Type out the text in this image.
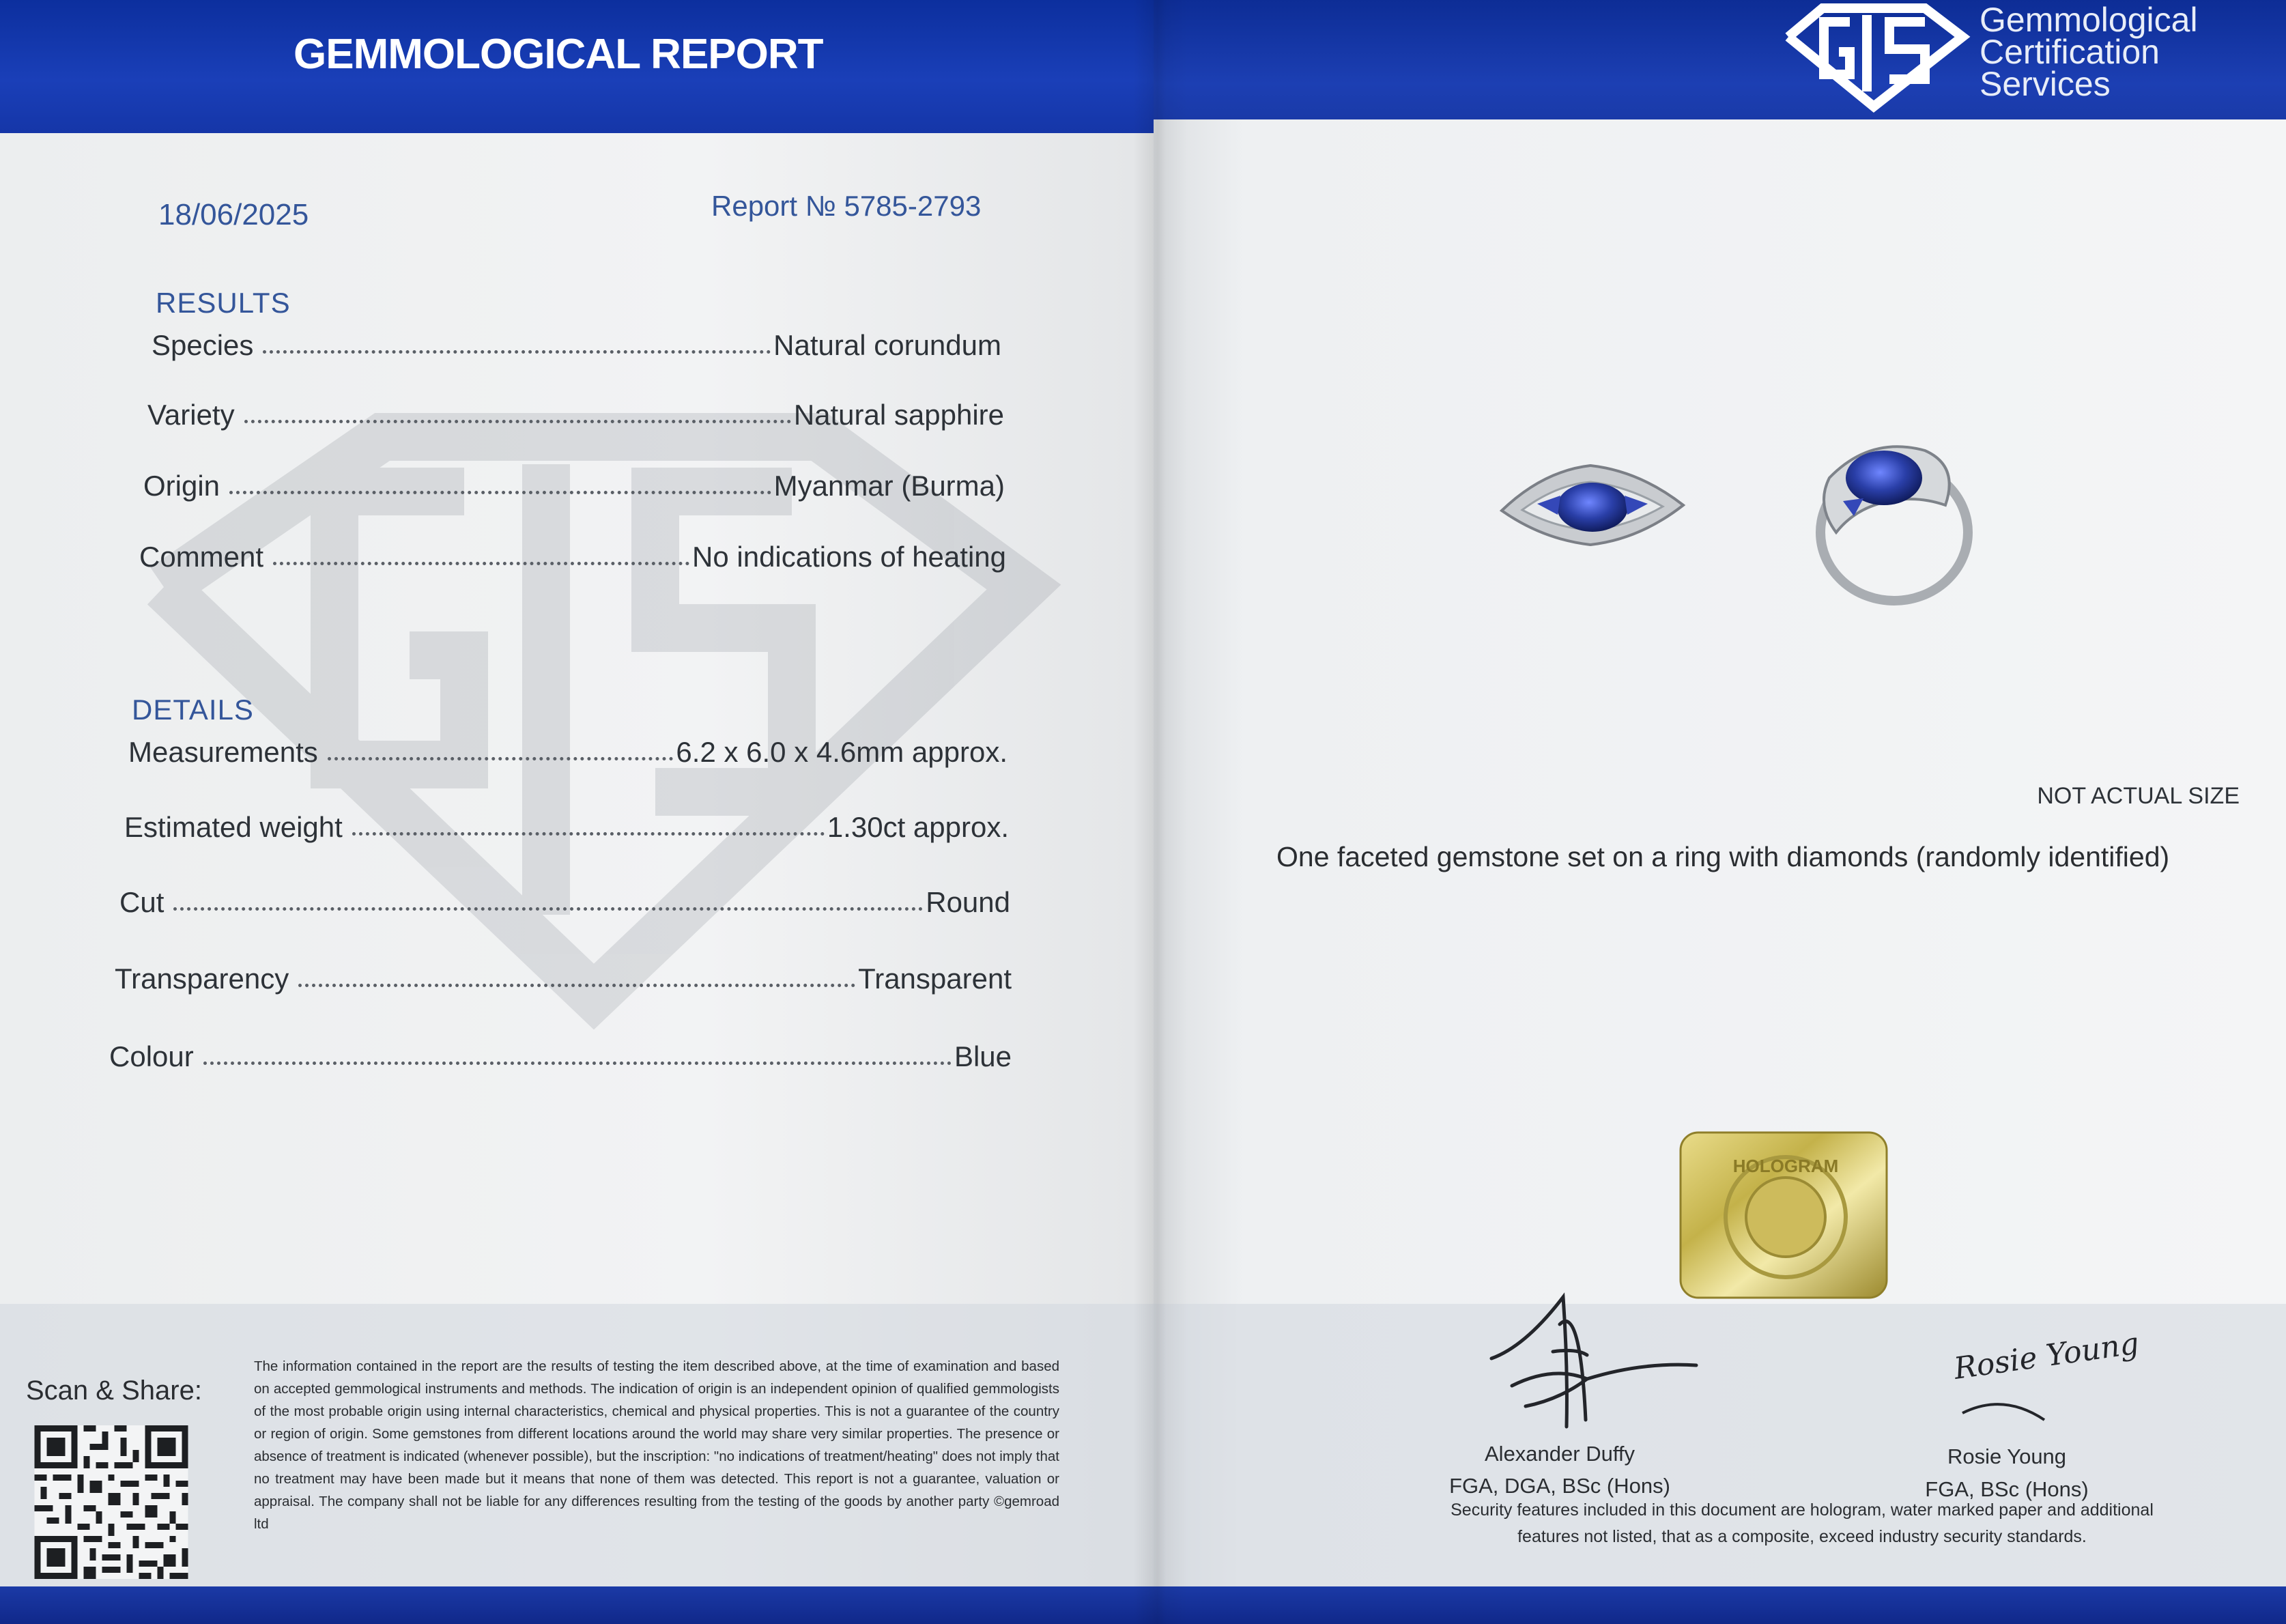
GEMMOLOGICAL REPORT
18/06/2025	Report № 5785-2793
RESULTS
Species	Natural corundum
Variety	Natural sapphire
Origin	Myanmar (Burma)
Comment	No indications of heating
DETAILS
Measurements	6.2 x 6.0 x 4.6mm approx.
Estimated weight	1.30ct approx.
Cut	Round
Transparency	Transparent
Colour	Blue
Scan & Share:
The information contained in the report are the results of testing the item described above, at the time of examination and based on accepted gemmological instruments and methods. The indication of origin is an independent opinion of qualified gemmologists of the most probable origin using internal characteristics, chemical and physical properties. This is not a guarantee of the country or region of origin. Some gemstones from different locations around the world may share very similar properties. The presence or absence of treatment is indicated (whenever possible), but the inscription: "no indications of treatment/heating" does not imply that no treatment may have been made but it means that none of them was detected. This report is not a guarantee, valuation or appraisal. The company shall not be liable for any differences resulting from the testing of the goods by another party ©gemroad ltd
Gemmological
Certification
Services
NOT ACTUAL SIZE
One faceted gemstone set on a ring with diamonds (randomly identified)
HOLOGRAM
Alexander Duffy
FGA, DGA, BSc (Hons)
Rosie Young
Rosie Young
FGA, BSc (Hons)
Security features included in this document are hologram, water marked paper and additional
features not listed, that as a composite, exceed industry security standards.
